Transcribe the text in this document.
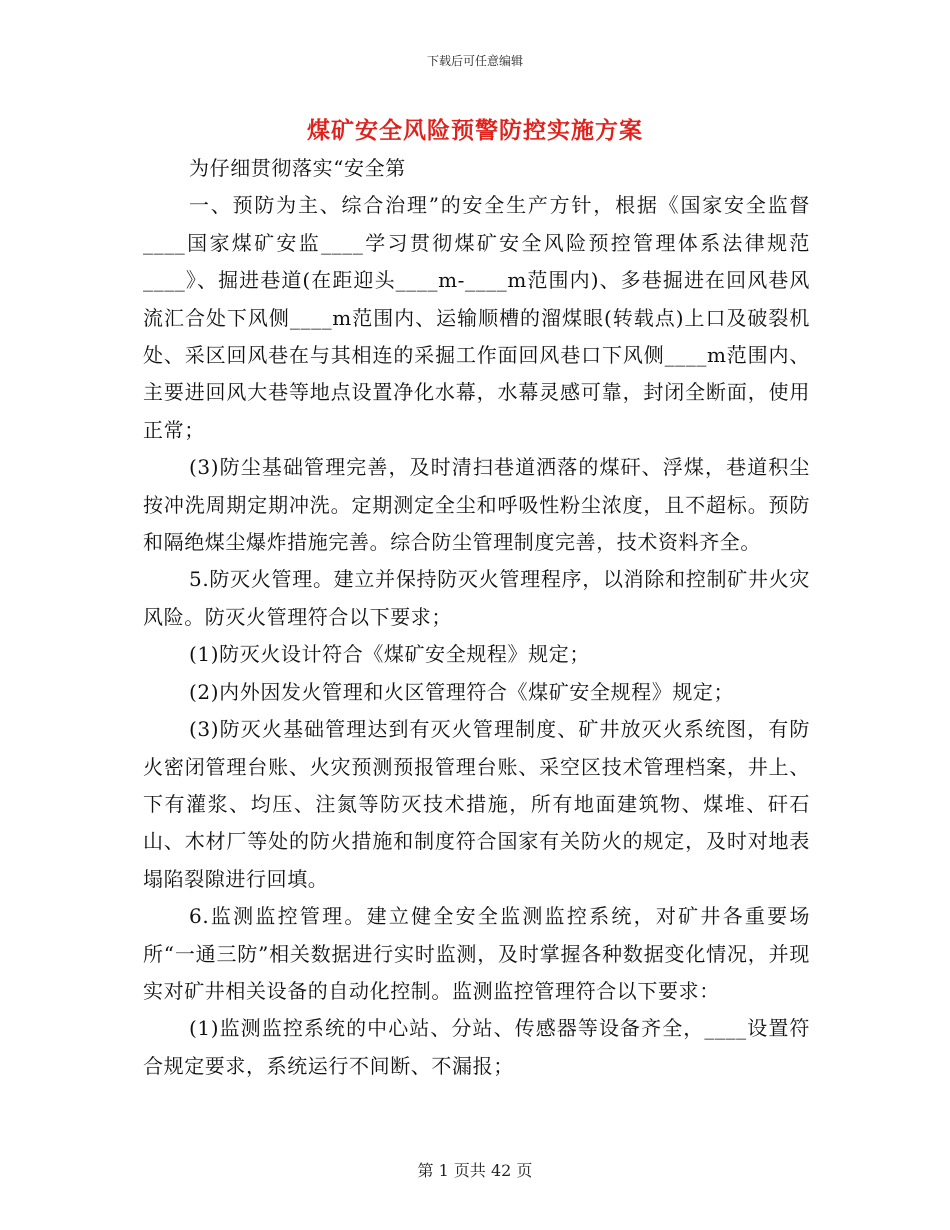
下载后可任意编辑
煤矿安全风险预警防控实施方案

为仔细贯彻落实“安全第

一、预防为主、综合治理”的安全生产方针，根据《国家安全监督____国家煤矿安监____学习贯彻煤矿安全风险预控管理体系法律规范____》、掘进巷道(在距迎头____m-____m范围内)、多巷掘进在回风巷风流汇合处下风侧____m范围内、运输顺槽的溜煤眼(转载点)上口及破裂机处、采区回风巷在与其相连的采掘工作面回风巷口下风侧____m范围内、主要进回风大巷等地点设置净化水幕，水幕灵感可靠，封闭全断面，使用正常；

(3)防尘基础管理完善，及时清扫巷道洒落的煤矸、浮煤，巷道积尘按冲洗周期定期冲洗。定期测定全尘和呼吸性粉尘浓度，且不超标。预防和隔绝煤尘爆炸措施完善。综合防尘管理制度完善，技术资料齐全。

5.防灭火管理。建立并保持防灭火管理程序，以消除和控制矿井火灾风险。防灭火管理符合以下要求；

(1)防灭火设计符合《煤矿安全规程》规定；

(2)内外因发火管理和火区管理符合《煤矿安全规程》规定；

(3)防灭火基础管理达到有灭火管理制度、矿井放灭火系统图，有防火密闭管理台账、火灾预测预报管理台账、采空区技术管理档案，井上、下有灌浆、均压、注氮等防灭技术措施，所有地面建筑物、煤堆、矸石山、木材厂等处的防火措施和制度符合国家有关防火的规定，及时对地表塌陷裂隙进行回填。

6.监测监控管理。建立健全安全监测监控系统，对矿井各重要场所“一通三防”相关数据进行实时监测，及时掌握各种数据变化情况，并现实对矿井相关设备的自动化控制。监测监控管理符合以下要求：

(1)监测监控系统的中心站、分站、传感器等设备齐全，____设置符合规定要求，系统运行不间断、不漏报；

第 1 页共 42 页
